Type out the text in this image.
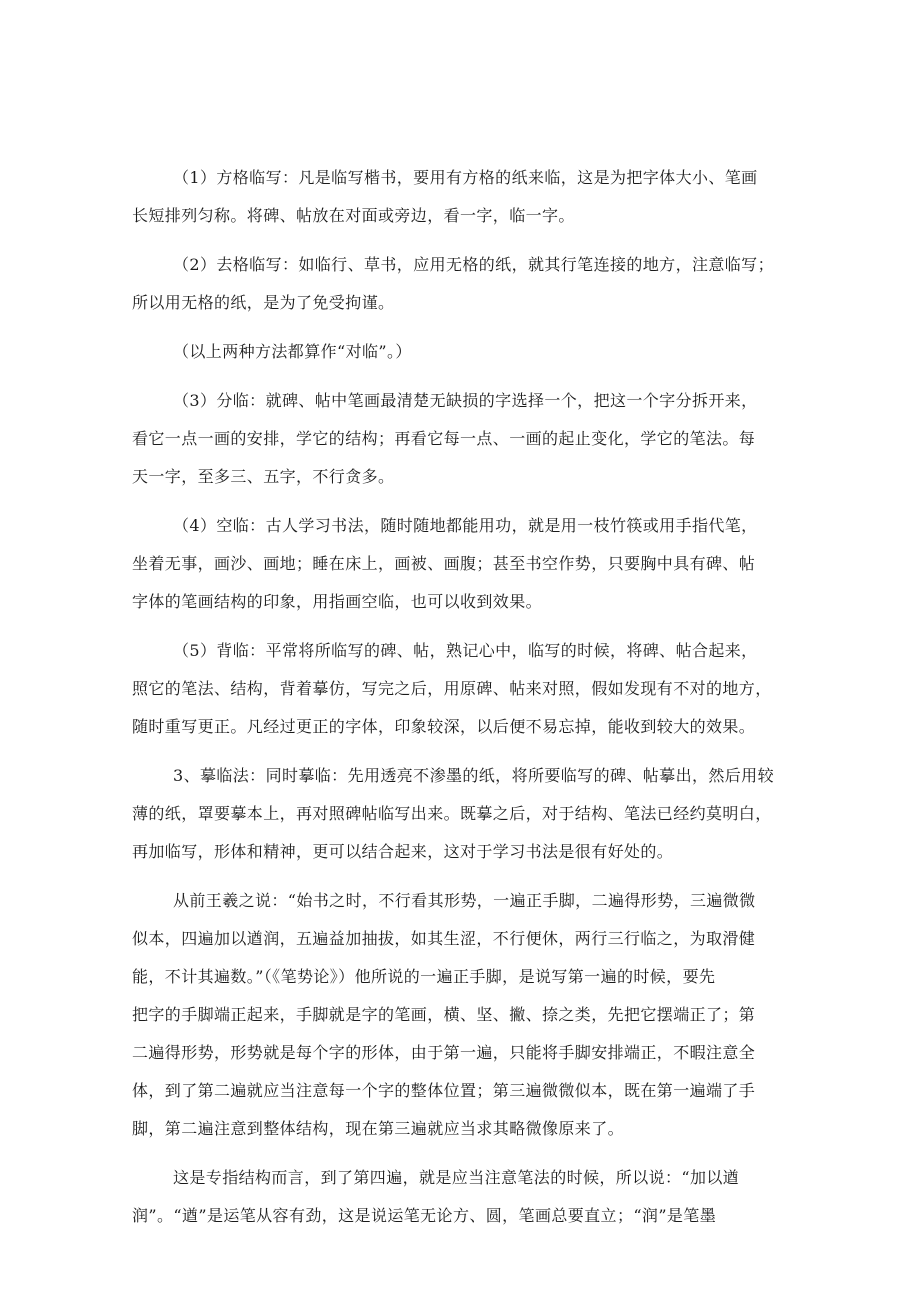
（1）方格临写：凡是临写楷书，要用有方格的纸来临，这是为把字体大小、笔画
长短排列匀称。将碑、帖放在对面或旁边，看一字，临一字。

（2）去格临写：如临行、草书，应用无格的纸，就其行笔连接的地方，注意临写；
所以用无格的纸，是为了免受拘谨。

（以上两种方法都算作“对临”。）

（3）分临：就碑、帖中笔画最清楚无缺损的字选择一个，把这一个字分拆开来，
看它一点一画的安排，学它的结构；再看它每一点、一画的起止变化，学它的笔法。每
天一字，至多三、五字，不行贪多。

（4）空临：古人学习书法，随时随地都能用功，就是用一枝竹筷或用手指代笔，
坐着无事，画沙、画地；睡在床上，画被、画腹；甚至书空作势，只要胸中具有碑、帖
字体的笔画结构的印象，用指画空临，也可以收到效果。

（5）背临：平常将所临写的碑、帖，熟记心中，临写的时候，将碑、帖合起来，
照它的笔法、结构，背着摹仿，写完之后，用原碑、帖来对照，假如发现有不对的地方，
随时重写更正。凡经过更正的字体，印象较深，以后便不易忘掉，能收到较大的效果。

3、摹临法：同时摹临：先用透亮不渗墨的纸，将所要临写的碑、帖摹出，然后用较
薄的纸，罩要摹本上，再对照碑帖临写出来。既摹之后，对于结构、笔法已经约莫明白，
再加临写，形体和精神，更可以结合起来，这对于学习书法是很有好处的。

从前王羲之说：“始书之时，不行看其形势，一遍正手脚，二遍得形势，三遍微微
似本，四遍加以遒润，五遍益加抽拔，如其生涩，不行便休，两行三行临之，为取滑健
能，不计其遍数。”（《笔势论》）他所说的一遍正手脚，是说写第一遍的时候，要先
把字的手脚端正起来，手脚就是字的笔画，横、坚、撇、捺之类，先把它摆端正了；第
二遍得形势，形势就是每个字的形体，由于第一遍，只能将手脚安排端正，不暇注意全
体，到了第二遍就应当注意每一个字的整体位置；第三遍微微似本，既在第一遍端了手
脚，第二遍注意到整体结构，现在第三遍就应当求其略微像原来了。

这是专指结构而言，到了第四遍，就是应当注意笔法的时候，所以说：“加以遒
润”。“遒”是运笔从容有劲，这是说运笔无论方、圆，笔画总要直立；“润”是笔墨
